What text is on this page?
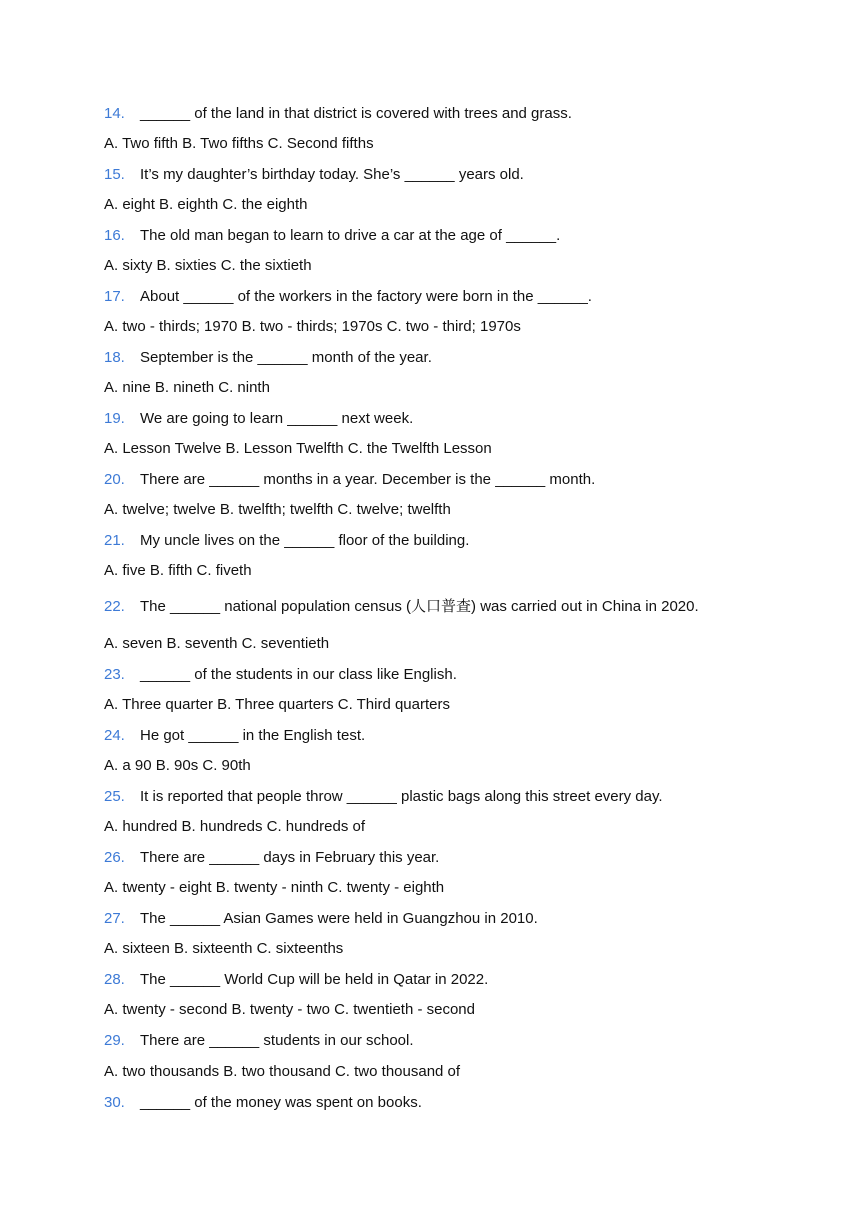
14. ______ of the land in that district is covered with trees and grass.
A. Two fifth B. Two fifths C. Second fifths
15. It’s my daughter’s birthday today. She’s ______ years old.
A. eight B. eighth C. the eighth
16. The old man began to learn to drive a car at the age of ______.
A. sixty B. sixties C. the sixtieth
17. About ______ of the workers in the factory were born in the ______.
A. two - thirds; 1970 B. two - thirds; 1970s C. two - third; 1970s
18. September is the ______ month of the year.
A. nine B. nineth C. ninth
19. We are going to learn ______ next week.
A. Lesson Twelve B. Lesson Twelfth C. the Twelfth Lesson
20. There are ______ months in a year. December is the ______ month.
A. twelve; twelve B. twelfth; twelfth C. twelve; twelfth
21. My uncle lives on the ______ floor of the building.
A. five B. fifth C. fiveth
22. The ______ national population census (人口普查) was carried out in China in 2020.
A. seven B. seventh C. seventieth
23. ______ of the students in our class like English.
A. Three quarter B. Three quarters C. Third quarters
24. He got ______ in the English test.
A. a 90 B. 90s C. 90th
25. It is reported that people throw ______ plastic bags along this street every day.
A. hundred B. hundreds C. hundreds of
26. There are ______ days in February this year.
A. twenty - eight B. twenty - ninth C. twenty - eighth
27. The ______ Asian Games were held in Guangzhou in 2010.
A. sixteen B. sixteenth C. sixteenths
28. The ______ World Cup will be held in Qatar in 2022.
A. twenty - second B. twenty - two C. twentieth - second
29. There are ______ students in our school.
A. two thousands B. two thousand C. two thousand of
30. ______ of the money was spent on books.
